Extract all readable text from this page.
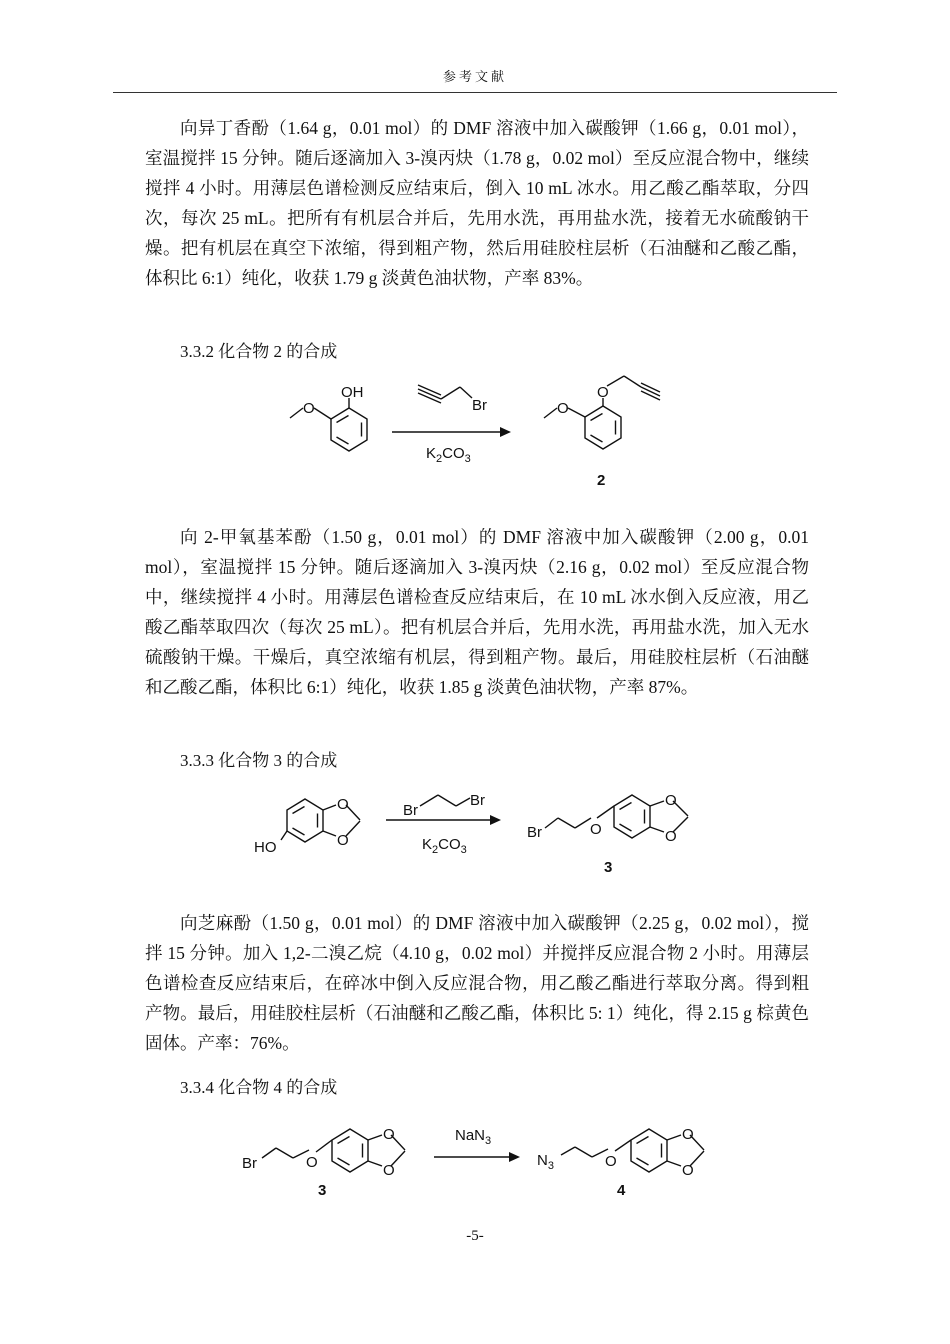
参考文献

向异丁香酚（1.64 g，0.01 mol）的 DMF 溶液中加入碳酸钾（1.66 g，0.01 mol），室温搅拌 15 分钟。随后逐滴加入 3-溴丙炔（1.78 g，0.02 mol）至反应混合物中，继续搅拌 4 小时。用薄层色谱检测反应结束后，倒入 10 mL 冰水。用乙酸乙酯萃取，分四次，每次 25 mL。把所有有机层合并后，先用水洗，再用盐水洗，接着无水硫酸钠干燥。把有机层在真空下浓缩，得到粗产物，然后用硅胶柱层析（石油醚和乙酸乙酯，体积比 6:1）纯化，收获 1.79 g 淡黄色油状物，产率 83%。

3.3.2 化合物 2 的合成

OH
O	Br
$K_2CO_3$
O
O
2

向 2-甲氧基苯酚（1.50 g，0.01 mol）的 DMF 溶液中加入碳酸钾（2.00 g，0.01 mol），室温搅拌 15 分钟。随后逐滴加入 3-溴丙炔（2.16 g，0.02 mol）至反应混合物中，继续搅拌 4 小时。用薄层色谱检查反应结束后，在 10 mL 冰水倒入反应液，用乙酸乙酯萃取四次（每次 25 mL）。把有机层合并后，先用水洗，再用盐水洗，加入无水硫酸钠干燥。干燥后，真空浓缩有机层，得到粗产物。最后，用硅胶柱层析（石油醚和乙酸乙酯，体积比 6:1）纯化，收获 1.85 g 淡黄色油状物，产率 87%。

3.3.3 化合物 3 的合成

O
O
HO
Br
Br
$K_2CO_3$
Br	O
O
O
3

向芝麻酚（1.50 g，0.01 mol）的 DMF 溶液中加入碳酸钾（2.25 g，0.02 mol），搅拌 15 分钟。加入 1,2-二溴乙烷（4.10 g，0.02 mol）并搅拌反应混合物 2 小时。用薄层色谱检查反应结束后，在碎冰中倒入反应混合物，用乙酸乙酯进行萃取分离。得到粗产物。最后，用硅胶柱层析（石油醚和乙酸乙酯，体积比 5: 1）纯化，得 2.15 g 棕黄色固体。产率：76%。

3.3.4 化合物 4 的合成

Br	O
O
O
3
NaN$_3$
$N_3$	O
O
O
4
-5-
